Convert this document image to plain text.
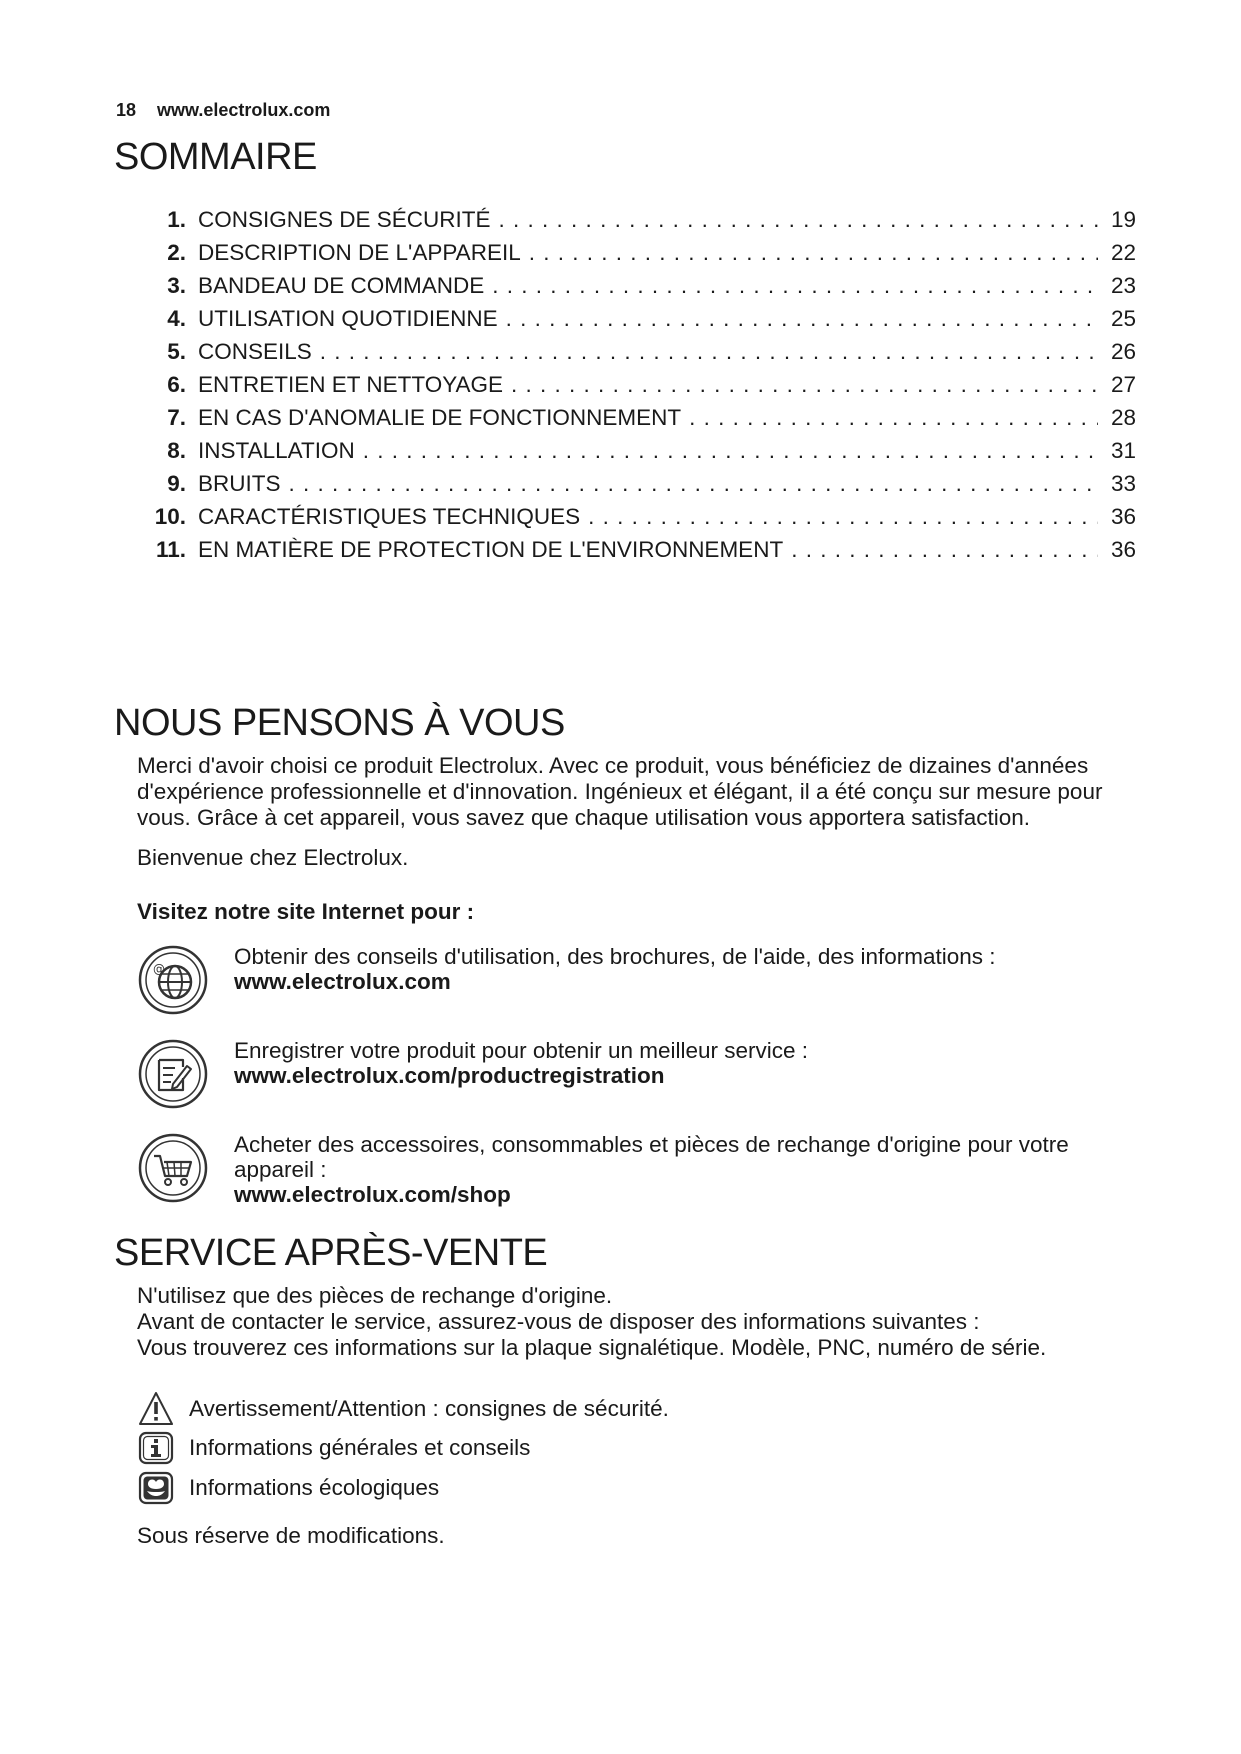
18 www.electrolux.com
SOMMAIRE
1. CONSIGNES DE SÉCURITÉ . . .	19
2. DESCRIPTION DE L'APPAREIL . . .	22
3. BANDEAU DE COMMANDE . . .	23
4. UTILISATION QUOTIDIENNE . . .	25
5. CONSEILS . . .	26
6. ENTRETIEN ET NETTOYAGE . . .	27
7. EN CAS D'ANOMALIE DE FONCTIONNEMENT . . .	28
8. INSTALLATION . . .	31
9. BRUITS . . .	33
10. CARACTÉRISTIQUES TECHNIQUES . . .	36
11. EN MATIÈRE DE PROTECTION DE L'ENVIRONNEMENT . . .	36
NOUS PENSONS À VOUS

Merci d'avoir choisi ce produit Electrolux. Avec ce produit, vous bénéficiez de dizaines d'années d'expérience professionnelle et d'innovation. Ingénieux et élégant, il a été conçu sur mesure pour vous. Grâce à cet appareil, vous savez que chaque utilisation vous apportera satisfaction.

Bienvenue chez Electrolux.

Visitez notre site Internet pour :

@	Obtenir des conseils d'utilisation, des brochures, de l'aide, des informations :
www.electrolux.com
Enregistrer votre produit pour obtenir un meilleur service :
www.electrolux.com/productregistration
Acheter des accessoires, consommables et pièces de rechange d'origine pour votre appareil :
www.electrolux.com/shop
SERVICE APRÈS-VENTE

N'utilisez que des pièces de rechange d'origine.

Avant de contacter le service, assurez-vous de disposer des informations suivantes :

Vous trouverez ces informations sur la plaque signalétique. Modèle, PNC, numéro de série.

Avertissement/Attention : consignes de sécurité.
Informations générales et conseils
Informations écologiques

Sous réserve de modifications.
